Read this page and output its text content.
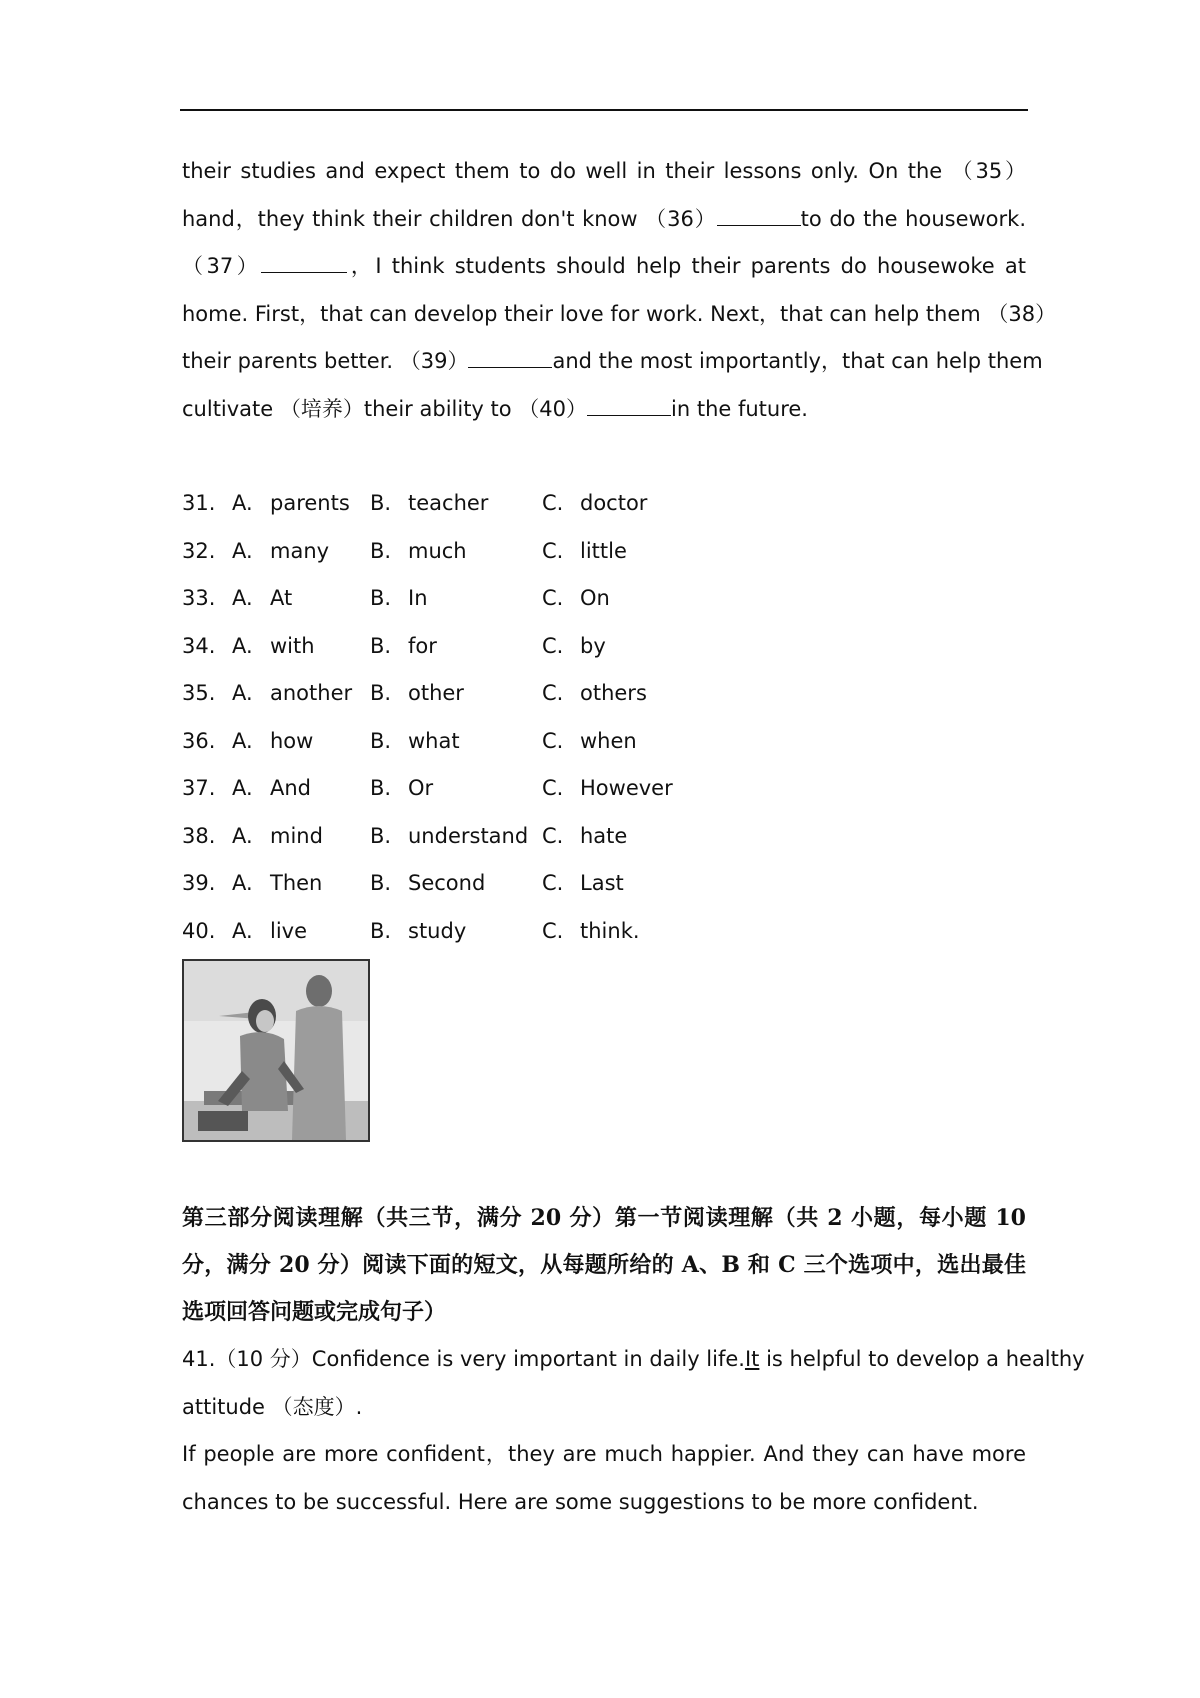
their studies and expect them to do well in their lessons only. On the （35）
hand，they think their children don't know （36）	to do the housework.
（37）	，I think students should help their parents do housewoke at
home. First，that can develop their love for work. Next，that can help them （38）
their parents better. （39）	and the most importantly，that can help them
cultivate （培养）their ability to （40）	in the future.
31. A. parents B. teacher	C. doctor
32. A. many	B. much	C. little
33. A. At	B. In	C. On
34. A. with	B. for	C. by
35. A. another B. other	C. others
36. A. how	B. what	C. when
37. A. And	B. Or	C. However
38. A. mind	B. understand C. hate
39. A. Then	B. Second	C. Last
40. A. live	B. study	C. think.
第三部分阅读理解（共三节，满分 20 分）第一节阅读理解（共 2 小题，每小题 10 分，满分 20 分）阅读下面的短文，从每题所给的 A、B 和 C 三个选项中，选出最佳选项回答问题或完成句子）
41.（10 分）Confidence is very important in daily life.It is helpful to develop a healthy
attitude （态度）.
If people are more confident，they are much happier. And they can have more
chances to be successful. Here are some suggestions to be more confident.
